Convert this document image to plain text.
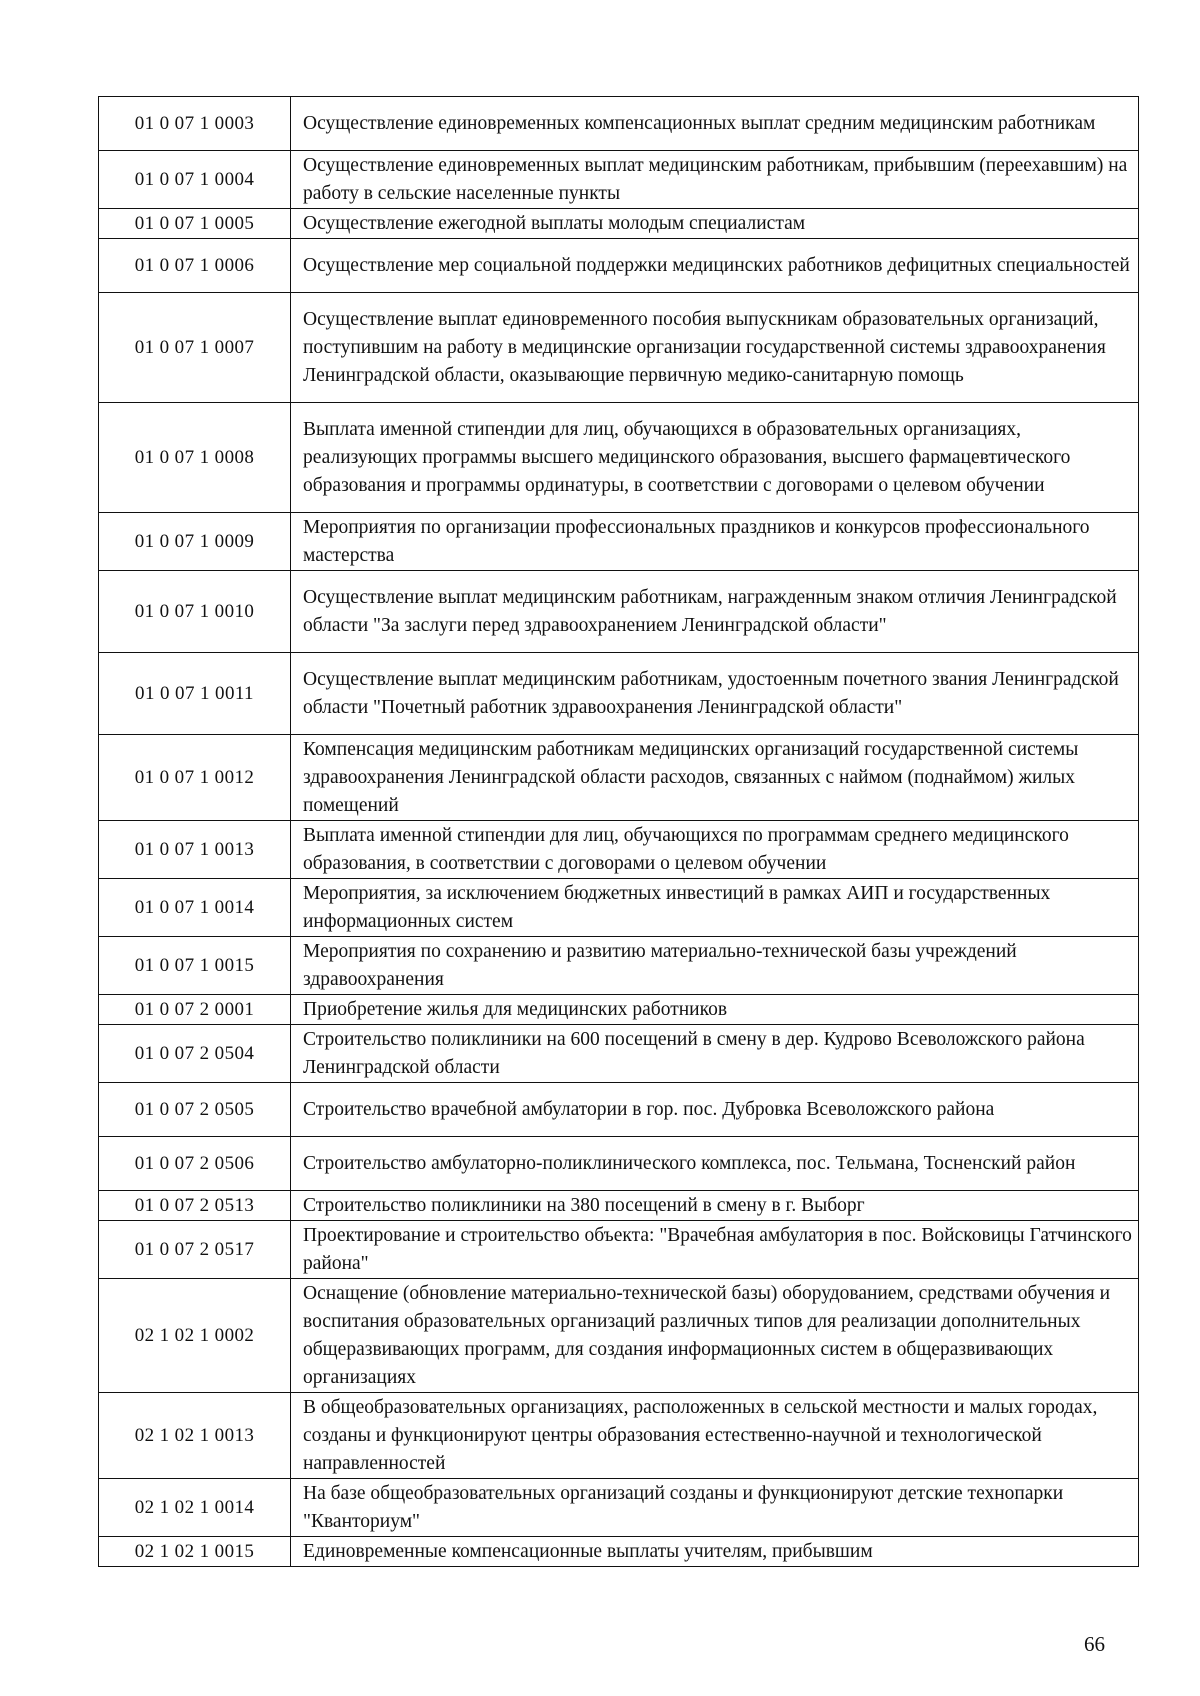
01 0 07 1 0003	Осуществление единовременных компенсационных выплат средним медицинским работникам
01 0 07 1 0004	Осуществление единовременных выплат медицинским работникам, прибывшим (переехавшим) на работу в сельские населенные пункты
01 0 07 1 0005	Осуществление ежегодной выплаты молодым специалистам
01 0 07 1 0006	Осуществление мер социальной поддержки медицинских работников дефицитных специальностей
01 0 07 1 0007	Осуществление выплат единовременного пособия выпускникам образовательных организаций, поступившим на работу в медицинские организации государственной системы здравоохранения Ленинградской области, оказывающие первичную медико-санитарную помощь
01 0 07 1 0008	Выплата именной стипендии для лиц, обучающихся в образовательных организациях, реализующих программы высшего медицинского образования, высшего фармацевтического образования и программы ординатуры, в соответствии с договорами о целевом обучении
01 0 07 1 0009	Мероприятия по организации профессиональных праздников и конкурсов профессионального мастерства
01 0 07 1 0010	Осуществление выплат медицинским работникам, награжденным знаком отличия Ленинградской области "За заслуги перед здравоохранением Ленинградской области"
01 0 07 1 0011	Осуществление выплат медицинским работникам, удостоенным почетного звания Ленинградской области "Почетный работник здравоохранения Ленинградской области"
01 0 07 1 0012	Компенсация медицинским работникам медицинских организаций государственной системы здравоохранения Ленинградской области расходов, связанных с наймом (поднаймом) жилых помещений
01 0 07 1 0013	Выплата именной стипендии для лиц, обучающихся по программам среднего медицинского образования, в соответствии с договорами о целевом обучении
01 0 07 1 0014	Мероприятия, за исключением бюджетных инвестиций в рамках АИП и государственных информационных систем
01 0 07 1 0015	Мероприятия по сохранению и развитию материально-технической базы учреждений здравоохранения
01 0 07 2 0001	Приобретение жилья для медицинских работников
01 0 07 2 0504	Строительство поликлиники на 600 посещений в смену в дер. Кудрово Всеволожского района Ленинградской области
01 0 07 2 0505	Строительство врачебной амбулатории в гор. пос. Дубровка Всеволожского района
01 0 07 2 0506	Строительство амбулаторно-поликлинического комплекса, пос. Тельмана, Тосненский район
01 0 07 2 0513	Строительство поликлиники на 380 посещений в смену в г. Выборг
01 0 07 2 0517	Проектирование и строительство объекта: "Врачебная амбулатория в пос. Войсковицы Гатчинского района"
02 1 02 1 0002	Оснащение (обновление материально-технической базы) оборудованием, средствами обучения и воспитания образовательных организаций различных типов для реализации дополнительных общеразвивающих программ, для создания информационных систем в общеразвивающих организациях
02 1 02 1 0013	В общеобразовательных организациях, расположенных в сельской местности и малых городах, созданы и функционируют центры образования естественно-научной и технологической направленностей
02 1 02 1 0014	На базе общеобразовательных организаций созданы и функционируют детские технопарки "Кванториум"
02 1 02 1 0015	Единовременные компенсационные выплаты учителям, прибывшим
66
